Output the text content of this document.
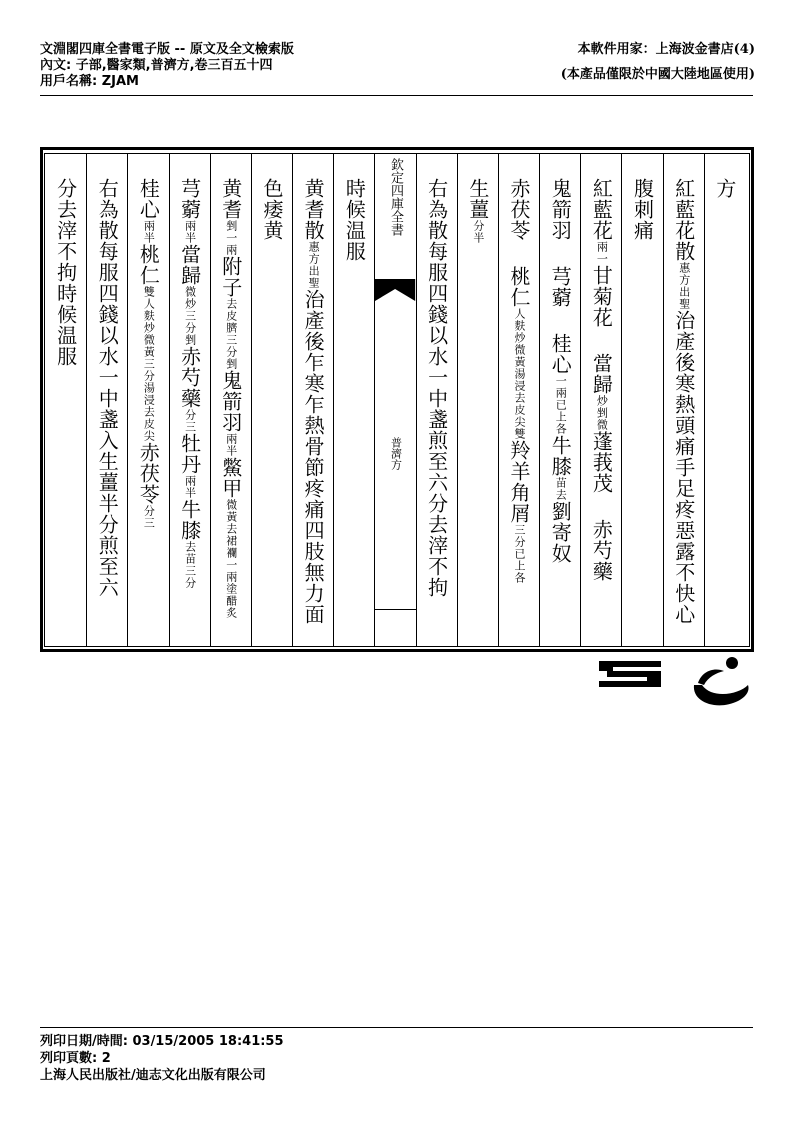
文淵閣四庫全書電子版 -- 原文及全文檢索版
內文: 子部,醫家類,普濟方,卷三百五十四
用戶名稱: ZJAM
本軟件用家：上海波金書店(4)
(本產品僅限於中國大陸地區使用)
方
紅藍花散
出聖
惠方
治產後寒熱頭痛手足疼惡露不快心
腹刺痛
紅藍花
一
兩
甘菊花 當歸
剉微
炒
蓬莪茂 赤芍藥
鬼箭羽 芎藭 桂心
已上各
一兩
牛膝
去
苗
劉寄奴
赤茯苓 桃仁
湯浸去皮尖雙
人麩炒微黃
羚羊角屑
已上各
三分
生薑
半
分
右為散每服四錢以水一中盞煎至六分去滓不拘
欽定四庫全書
普濟方
時候温服
黄耆散
出聖
惠方
治產後乍寒乍熱骨節疼痛四肢無力面
色痿黄
黄耆
一兩
剉
附子
三分剉
去皮臍
鬼箭羽
半
兩
鱉甲
一兩塗醋炙
微黃去裙襴
芎藭
半
兩
當歸
三分剉
微炒
赤芍藥
三
分
牡丹
半
兩
牛膝
三分
去苗
桂心
半
兩
桃仁
三分湯浸去皮尖
雙人麩炒微黃
赤茯苓
三
分
右為散每服四錢以水一中盞入生薑半分煎至六
分去滓不拘時候温服
列印日期/時間: 03/15/2005 18:41:55
列印頁數: 2
上海人民出版社/迪志文化出版有限公司
